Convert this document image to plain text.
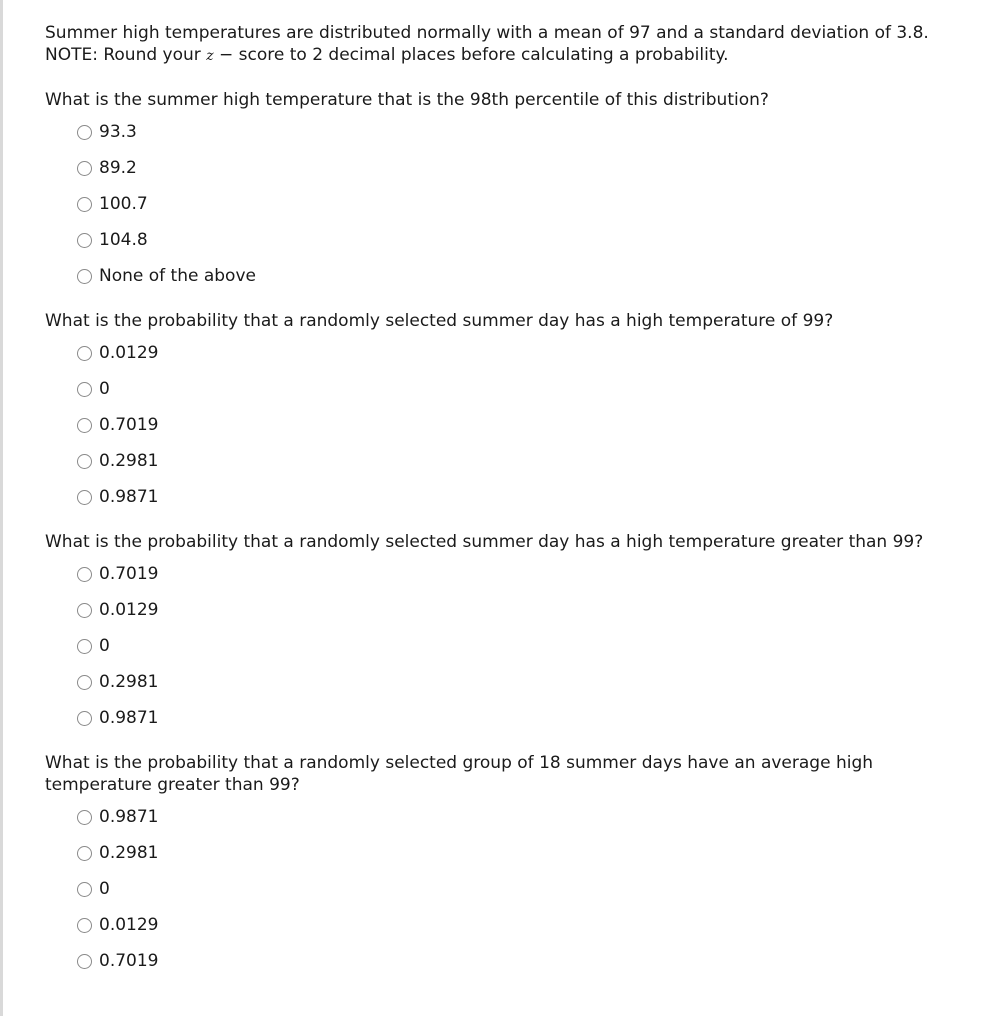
Summer high temperatures are distributed normally with a mean of 97 and a standard deviation of 3.8.
NOTE: Round your z − score to 2 decimal places before calculating a probability.
What is the summer high temperature that is the 98th percentile of this distribution?
93.3
89.2
100.7
104.8
None of the above
What is the probability that a randomly selected summer day has a high temperature of 99?
0.0129
0
0.7019
0.2981
0.9871
What is the probability that a randomly selected summer day has a high temperature greater than 99?
0.7019
0.0129
0
0.2981
0.9871
What is the probability that a randomly selected group of 18 summer days have an average high temperature greater than 99?
0.9871
0.2981
0
0.0129
0.7019
